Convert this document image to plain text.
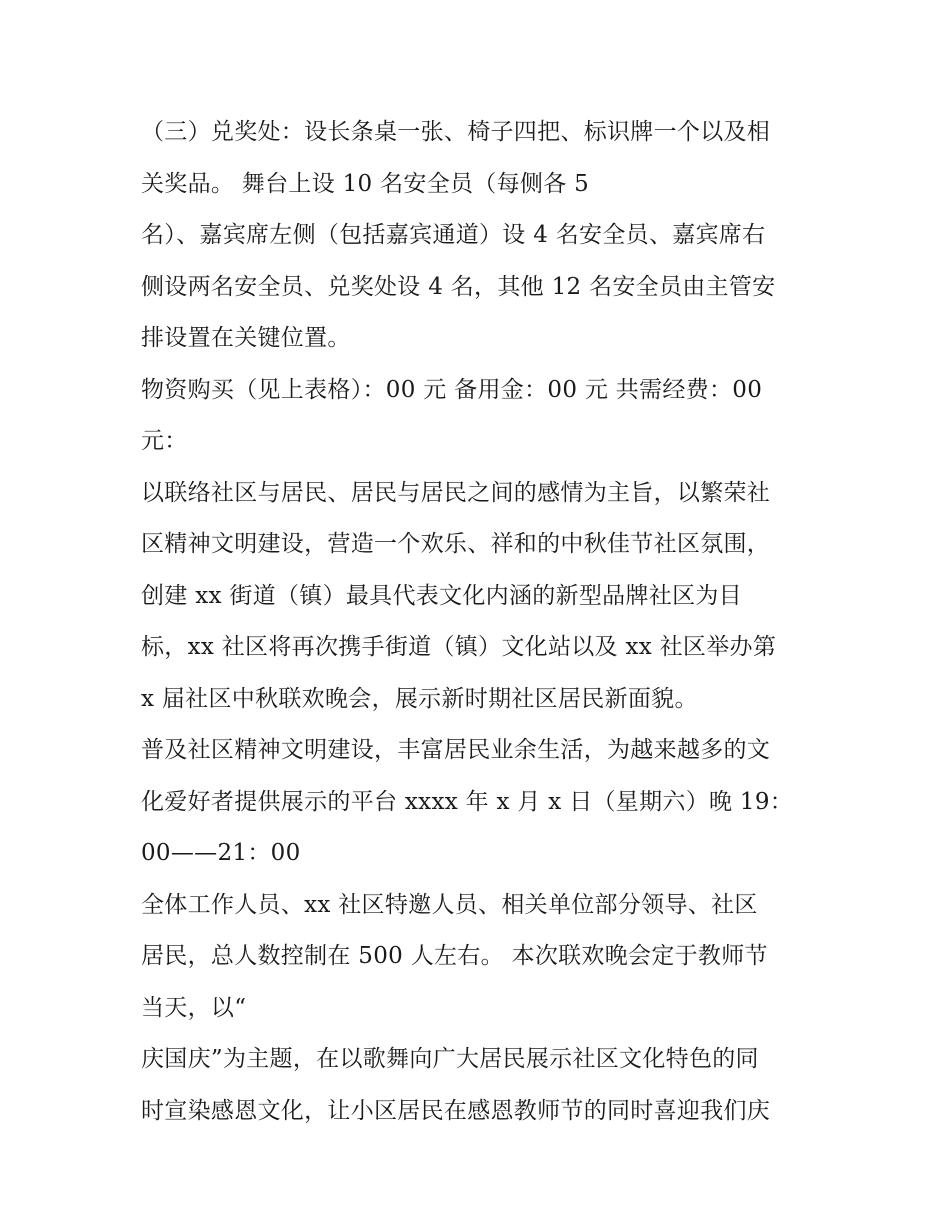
（三）兑奖处：设长条桌一张、椅子四把、标识牌一个以及相
关奖品。 舞台上设 10 名安全员（每侧各 5
名）、嘉宾席左侧（包括嘉宾通道）设 4 名安全员、嘉宾席右
侧设两名安全员、兑奖处设 4 名，其他 12 名安全员由主管安
排设置在关键位置。
物资购买（见上表格）：00 元 备用金：00 元 共需经费：00
元：
以联络社区与居民、居民与居民之间的感情为主旨，以繁荣社
区精神文明建设，营造一个欢乐、祥和的中秋佳节社区氛围，
创建 xx 街道（镇）最具代表文化内涵的新型品牌社区为目
标，xx 社区将再次携手街道（镇）文化站以及 xx 社区举办第
x 届社区中秋联欢晚会，展示新时期社区居民新面貌。
普及社区精神文明建设，丰富居民业余生活，为越来越多的文
化爱好者提供展示的平台 xxxx 年 x 月 x 日（星期六）晚 19：
00——21：00
全体工作人员、xx 社区特邀人员、相关单位部分领导、社区
居民，总人数控制在 500 人左右。 本次联欢晚会定于教师节
当天，以“
庆国庆”为主题，在以歌舞向广大居民展示社区文化特色的同
时宣染感恩文化，让小区居民在感恩教师节的同时喜迎我们庆
